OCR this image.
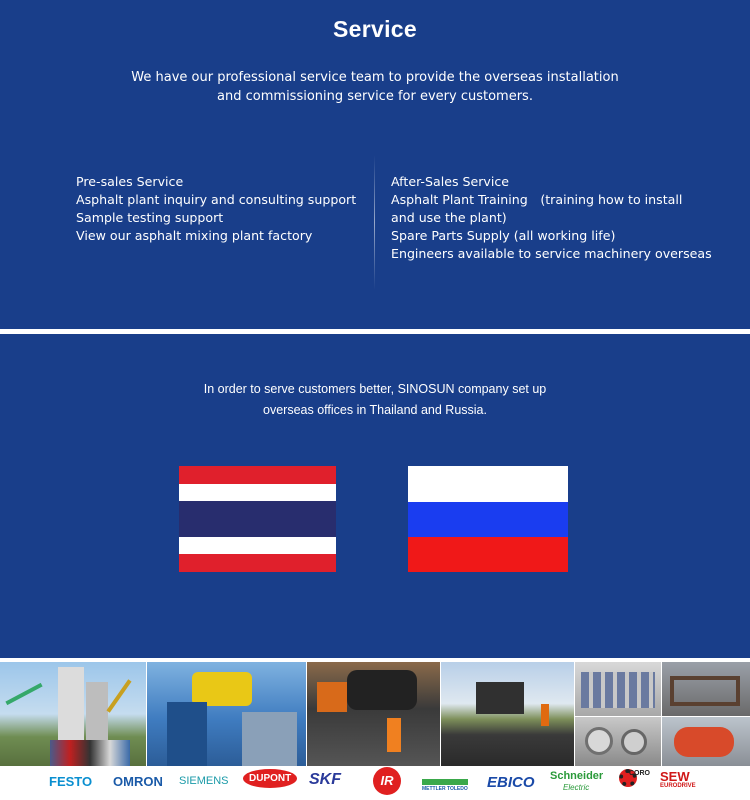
Service

We have our professional service team to provide the overseas installation

and commissioning service for every customers.

Pre-sales Service
Asphalt plant inquiry and consulting support
Sample testing support
View our asphalt mixing plant factory
After-Sales Service
Asphalt Plant Training　(training how to install
and use the plant)
Spare Parts Supply (all working life)
Engineers available to service machinery overseas

In order to serve customers better, SINOSUN company set up

overseas offices in Thailand and Russia.

FESTO OMRON SIEMENS	DUPONT	SKF	IR
METTLER TOLEDO EBICO Schneider
Electric
CORO SEW
EURODRIVE
